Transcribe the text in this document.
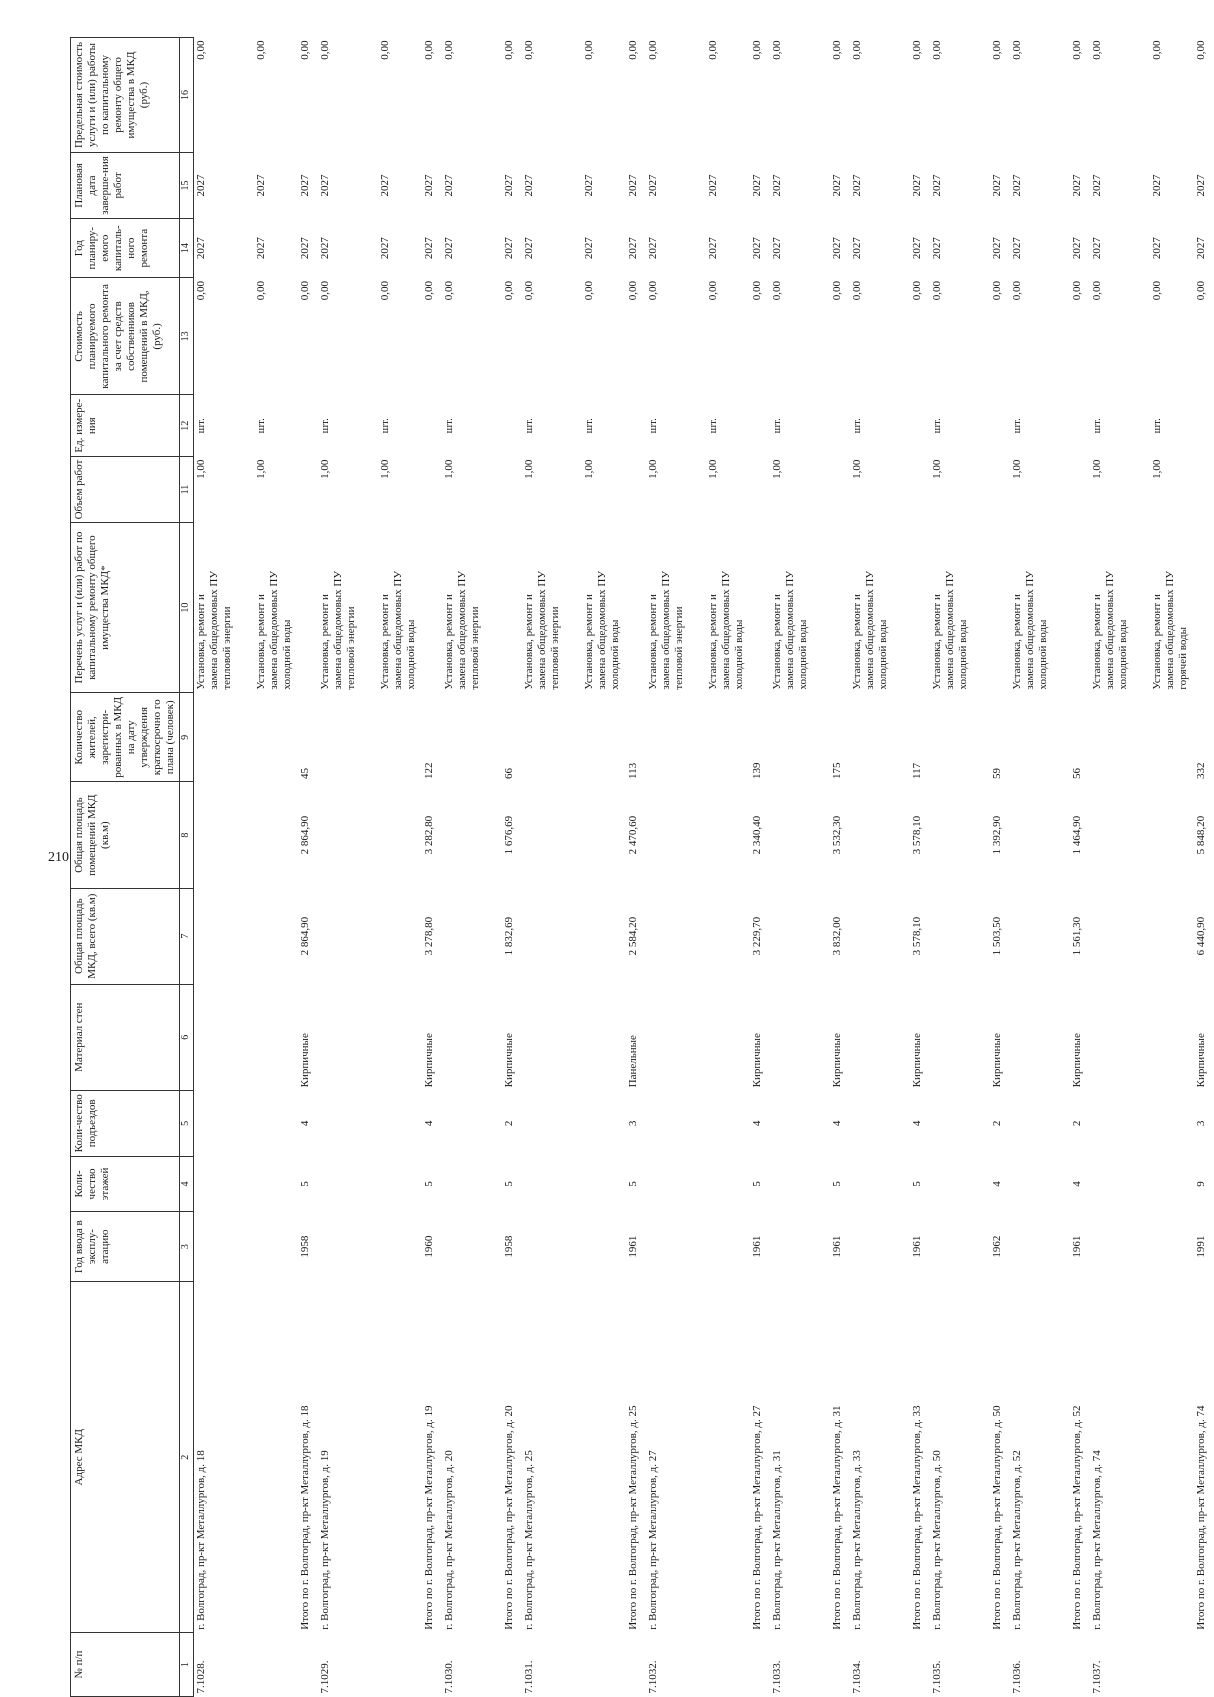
210
№ п/п	Адрес МКД	Год ввода в эксплу-атацию	Коли-чество этажей	Коли-чество подъездов	Материал стен	Общая площадь МКД, всего (кв.м)	Общая площадь помещений МКД (кв.м)	Количество жителей, зарегистри-рованных в МКД на дату утверждения краткосрочно го плана (человек)	Перечень услуг и (или) работ по капитальному ремонту общего имущества МКД*	Объем работ	Ед. измере-ния	Стоимость планируемого капитального ремонта за счет средств собственников помещений в МКД, (руб.)	Год планиру-емого капиталь-ного ремонта	Плановая дата заверше-ния работ	Предельная стоимость услуги и (или) работы по капитальному ремонту общего имущества в МКД (руб.)
1	2	3	4	5	6	7	8	9	10	11	12	13	14	15	16
7.1028.	г. Волгоград, пр-кт Металлургов, д. 18								Установка, ремонт и
замена общедомовых ПУ
тепловой энергии	1,00	шт.	0,00	2027	2027	0,00
									Установка, ремонт и
замена общедомовых ПУ
холодной воды	1,00	шт.	0,00	2027	2027	0,00
	Итого по г. Волгоград, пр-кт Металлургов, д. 18	1958	5	4	Кирпичные	2 864,90	2 864,90	45				0,00	2027	2027	0,00
7.1029.	г. Волгоград, пр-кт Металлургов, д. 19								Установка, ремонт и
замена общедомовых ПУ
тепловой энергии	1,00	шт.	0,00	2027	2027	0,00
									Установка, ремонт и
замена общедомовых ПУ
холодной воды	1,00	шт.	0,00	2027	2027	0,00
	Итого по г. Волгоград, пр-кт Металлургов, д. 19	1960	5	4	Кирпичные	3 278,80	3 282,80	122				0,00	2027	2027	0,00
7.1030.	г. Волгоград, пр-кт Металлургов, д. 20								Установка, ремонт и
замена общедомовых ПУ
тепловой энергии	1,00	шт.	0,00	2027	2027	0,00
	Итого по г. Волгоград, пр-кт Металлургов, д. 20	1958	5	2	Кирпичные	1 832,69	1 676,69	66				0,00	2027	2027	0,00
7.1031.	г. Волгоград, пр-кт Металлургов, д. 25								Установка, ремонт и
замена общедомовых ПУ
тепловой энергии	1,00	шт.	0,00	2027	2027	0,00
									Установка, ремонт и
замена общедомовых ПУ
холодной воды	1,00	шт.	0,00	2027	2027	0,00
	Итого по г. Волгоград, пр-кт Металлургов, д. 25	1961	5	3	Панельные	2 584,20	2 470,60	113				0,00	2027	2027	0,00
7.1032.	г. Волгоград, пр-кт Металлургов, д. 27								Установка, ремонт и
замена общедомовых ПУ
тепловой энергии	1,00	шт.	0,00	2027	2027	0,00
									Установка, ремонт и
замена общедомовых ПУ
холодной воды	1,00	шт.	0,00	2027	2027	0,00
	Итого по г. Волгоград, пр-кт Металлургов, д. 27	1961	5	4	Кирпичные	3 229,70	2 340,40	139				0,00	2027	2027	0,00
7.1033.	г. Волгоград, пр-кт Металлургов, д. 31								Установка, ремонт и
замена общедомовых ПУ
холодной воды	1,00	шт.	0,00	2027	2027	0,00
	Итого по г. Волгоград, пр-кт Металлургов, д. 31	1961	5	4	Кирпичные	3 832,00	3 532,30	175				0,00	2027	2027	0,00
7.1034.	г. Волгоград, пр-кт Металлургов, д. 33								Установка, ремонт и
замена общедомовых ПУ
холодной воды	1,00	шт.	0,00	2027	2027	0,00
	Итого по г. Волгоград, пр-кт Металлургов, д. 33	1961	5	4	Кирпичные	3 578,10	3 578,10	117				0,00	2027	2027	0,00
7.1035.	г. Волгоград, пр-кт Металлургов, д. 50								Установка, ремонт и
замена общедомовых ПУ
холодной воды	1,00	шт.	0,00	2027	2027	0,00
	Итого по г. Волгоград, пр-кт Металлургов, д. 50	1962	4	2	Кирпичные	1 503,50	1 392,90	59				0,00	2027	2027	0,00
7.1036.	г. Волгоград, пр-кт Металлургов, д. 52								Установка, ремонт и
замена общедомовых ПУ
холодной воды	1,00	шт.	0,00	2027	2027	0,00
	Итого по г. Волгоград, пр-кт Металлургов, д. 52	1961	4	2	Кирпичные	1 561,30	1 464,90	56				0,00	2027	2027	0,00
7.1037.	г. Волгоград, пр-кт Металлургов, д. 74								Установка, ремонт и
замена общедомовых ПУ
холодной воды	1,00	шт.	0,00	2027	2027	0,00
									Установка, ремонт и
замена общедомовых ПУ
горячей воды	1,00	шт.	0,00	2027	2027	0,00
	Итого по г. Волгоград, пр-кт Металлургов, д. 74	1991	9	3	Кирпичные	6 440,90	5 848,20	332				0,00	2027	2027	0,00
